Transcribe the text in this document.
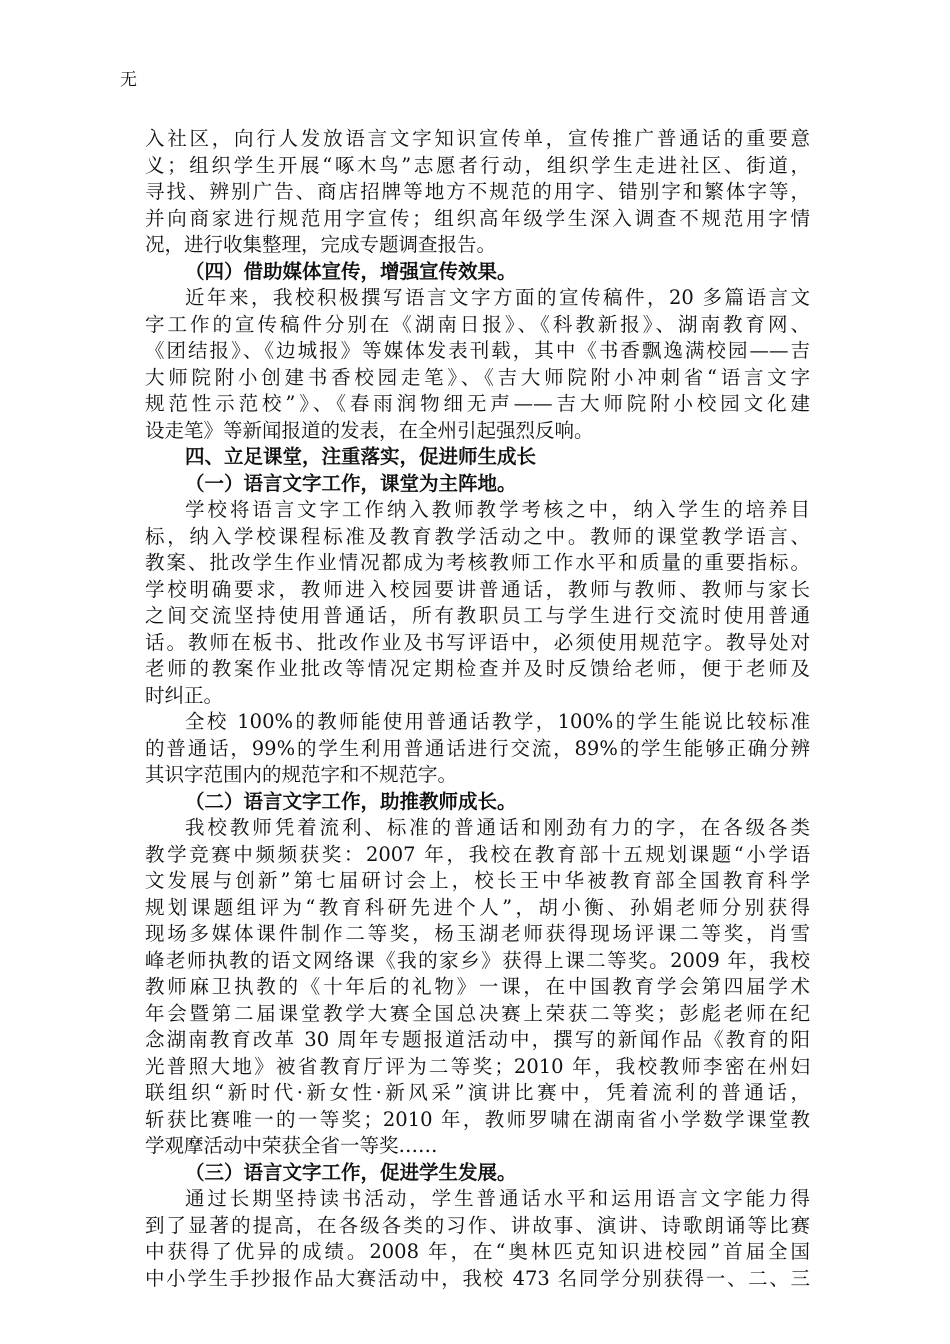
无
入社区，向行人发放语言文字知识宣传单，宣传推广普通话的重要意
义；组织学生开展“啄木鸟”志愿者行动，组织学生走进社区、街道，
寻找、辨别广告、商店招牌等地方不规范的用字、错别字和繁体字等，
并向商家进行规范用字宣传；组织高年级学生深入调查不规范用字情
况，进行收集整理，完成专题调查报告。
（四）借助媒体宣传，增强宣传效果。
近年来，我校积极撰写语言文字方面的宣传稿件，20 多篇语言文
字工作的宣传稿件分别在《湖南日报》、《科教新报》、湖南教育网、
《团结报》、《边城报》等媒体发表刊载，其中《书香飘逸满校园——吉
大师院附小创建书香校园走笔》、《吉大师院附小冲刺省“语言文字
规范性示范校”》、《春雨润物细无声——吉大师院附小校园文化建
设走笔》等新闻报道的发表，在全州引起强烈反响。
四、立足课堂，注重落实，促进师生成长
（一）语言文字工作，课堂为主阵地。
学校将语言文字工作纳入教师教学考核之中，纳入学生的培养目
标，纳入学校课程标准及教育教学活动之中。教师的课堂教学语言、
教案、批改学生作业情况都成为考核教师工作水平和质量的重要指标。
学校明确要求，教师进入校园要讲普通话，教师与教师、教师与家长
之间交流坚持使用普通话，所有教职员工与学生进行交流时使用普通
话。教师在板书、批改作业及书写评语中，必须使用规范字。教导处对
老师的教案作业批改等情况定期检查并及时反馈给老师，便于老师及
时纠正。
全校 100%的教师能使用普通话教学，100%的学生能说比较标准
的普通话，99%的学生利用普通话进行交流，89%的学生能够正确分辨
其识字范围内的规范字和不规范字。
（二）语言文字工作，助推教师成长。
我校教师凭着流利、标准的普通话和刚劲有力的字，在各级各类
教学竞赛中频频获奖：2007 年，我校在教育部十五规划课题“小学语
文发展与创新”第七届研讨会上，校长王中华被教育部全国教育科学
规划课题组评为“教育科研先进个人”，胡小衡、孙娟老师分别获得
现场多媒体课件制作二等奖，杨玉湖老师获得现场评课二等奖，肖雪
峰老师执教的语文网络课《我的家乡》获得上课二等奖。2009 年，我校
教师麻卫执教的《十年后的礼物》一课，在中国教育学会第四届学术
年会暨第二届课堂教学大赛全国总决赛上荣获二等奖；彭彪老师在纪
念湖南教育改革 30 周年专题报道活动中，撰写的新闻作品《教育的阳
光普照大地》被省教育厅评为二等奖；2010 年，我校教师李密在州妇
联组织“新时代·新女性·新风采”演讲比赛中，凭着流利的普通话，
斩获比赛唯一的一等奖；2010 年，教师罗啸在湖南省小学数学课堂教
学观摩活动中荣获全省一等奖……
（三）语言文字工作，促进学生发展。
通过长期坚持读书活动，学生普通话水平和运用语言文字能力得
到了显著的提高，在各级各类的习作、讲故事、演讲、诗歌朗诵等比赛
中获得了优异的成绩。2008 年，在“奥林匹克知识进校园”首届全国
中小学生手抄报作品大赛活动中，我校 473 名同学分别获得一、二、三
